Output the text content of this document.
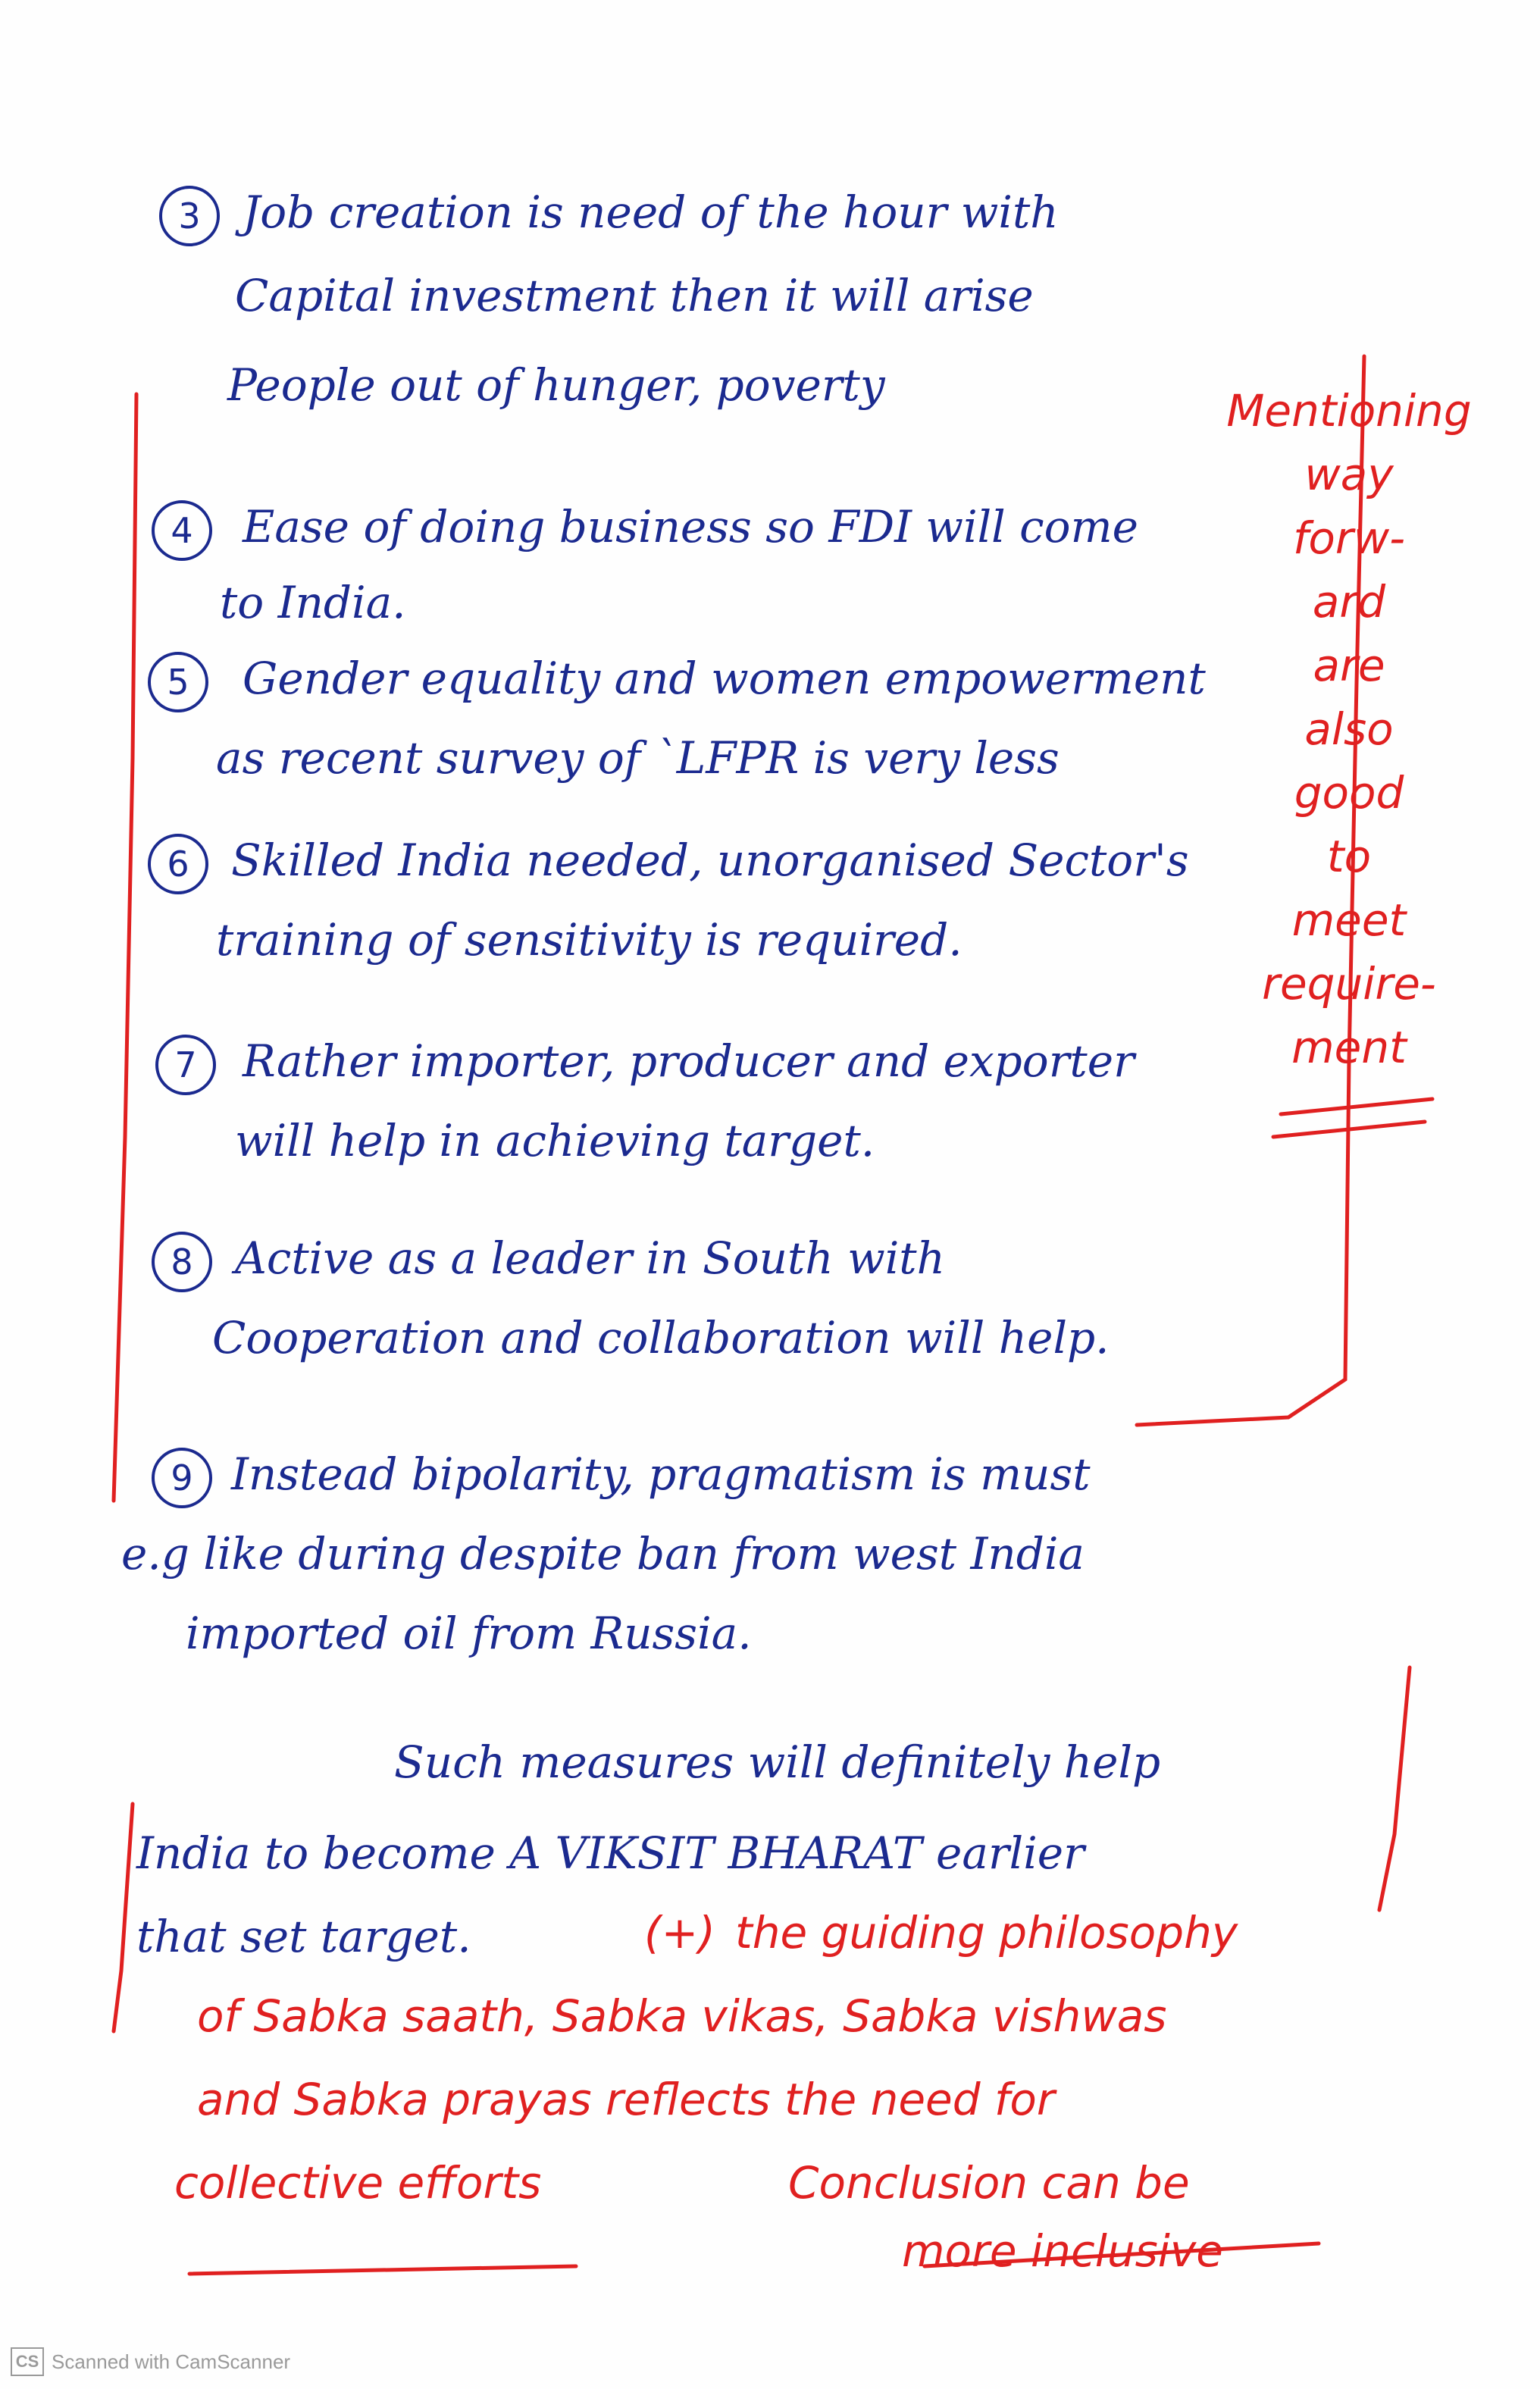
3 Job creation is need of the hour with
Capital investment then it will arise
People out of hunger, poverty
4	Ease of doing business so FDI will come
to India.
5	Gender equality and women empowerment
as recent survey of `LFPR is very less
6 Skilled India needed, unorganised Sector's
training of sensitivity is required.
7	Rather importer, producer and exporter
will help in achieving target.
8 Active as a leader in South with
Cooperation and collaboration will help.
9 Instead bipolarity, pragmatism is must
e.g like during despite ban from west India
imported oil from Russia.
Such measures will definitely help
India to become A VIKSIT BHARAT earlier
that set target.
Mentioning
way
forw-
ard
are
also
good
to
meet
require-
ment
(+) the guiding philosophy
of Sabka saath, Sabka vikas, Sabka vishwas
and Sabka prayas reflects the need for
collective efforts	Conclusion can be
more inclusive
CS Scanned with CamScanner
